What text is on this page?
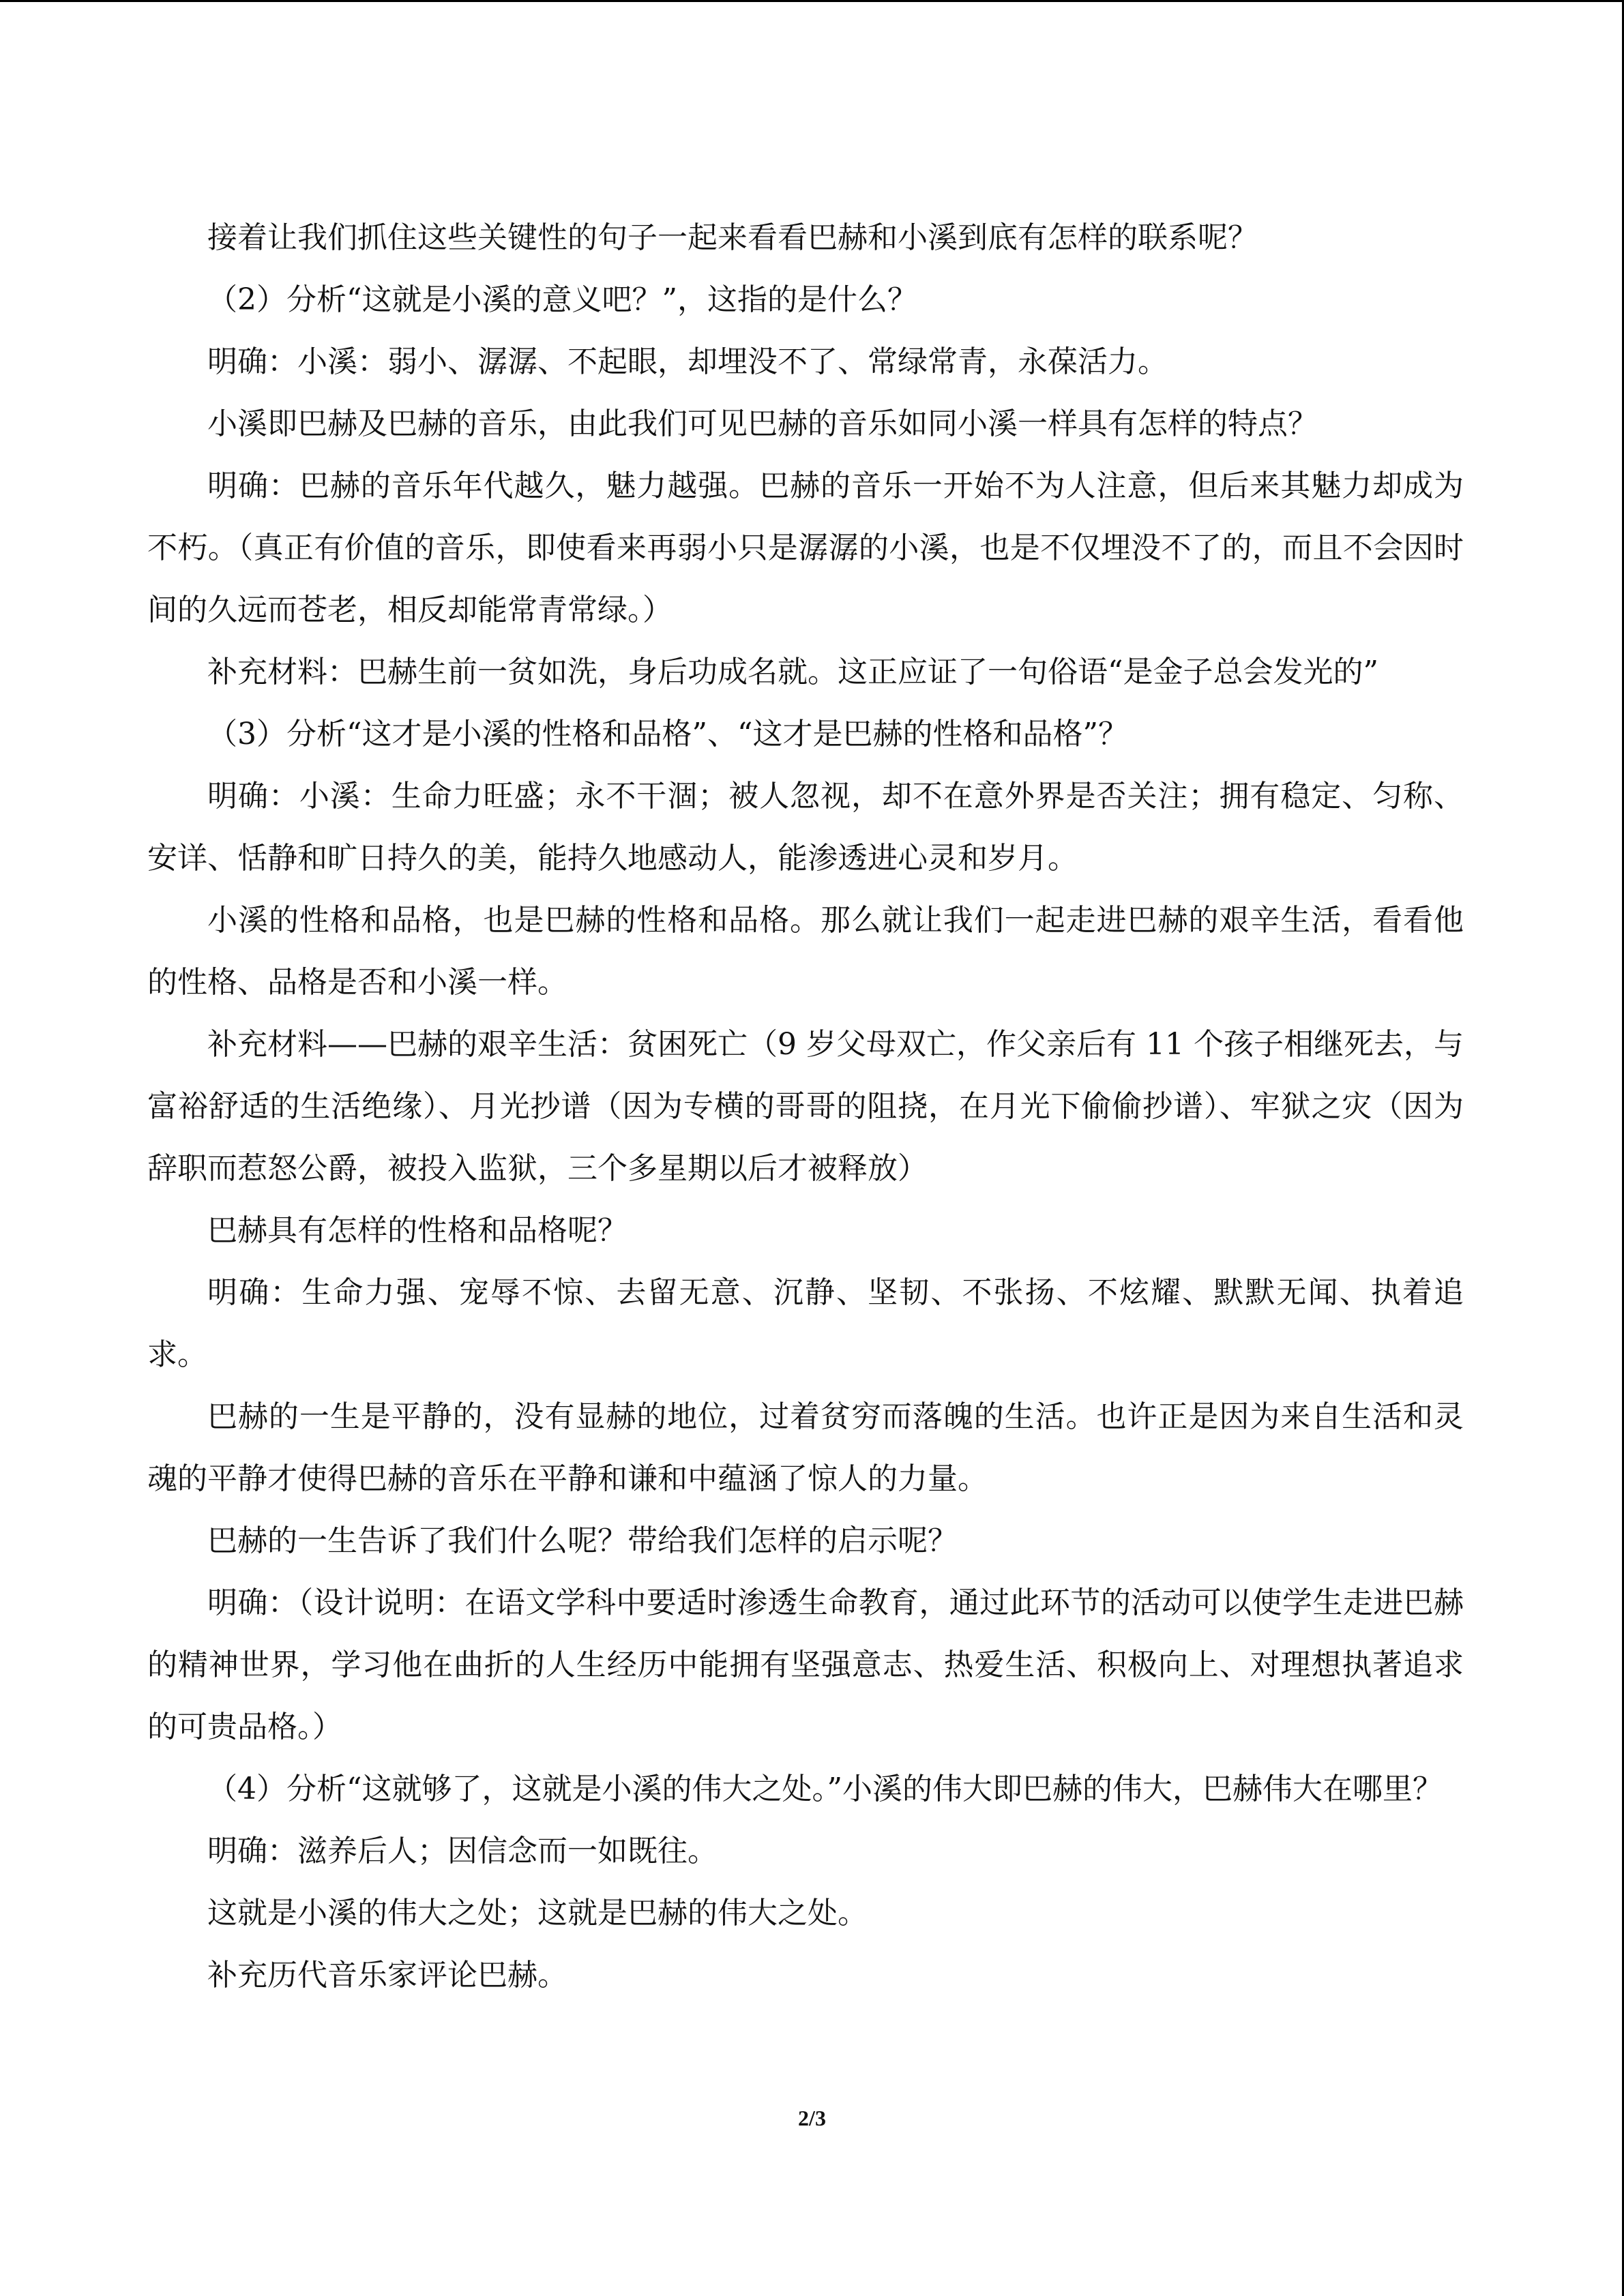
接着让我们抓住这些关键性的句子一起来看看巴赫和小溪到底有怎样的联系呢？

（2）分析“这就是小溪的意义吧？”，这指的是什么？

明确：小溪：弱小、潺潺、不起眼，却埋没不了、常绿常青，永葆活力。

小溪即巴赫及巴赫的音乐，由此我们可见巴赫的音乐如同小溪一样具有怎样的特点？

明确：巴赫的音乐年代越久，魅力越强。巴赫的音乐一开始不为人注意，但后来其魅力却成为不朽。（真正有价值的音乐，即使看来再弱小只是潺潺的小溪，也是不仅埋没不了的，而且不会因时间的久远而苍老，相反却能常青常绿。）

补充材料：巴赫生前一贫如洗，身后功成名就。这正应证了一句俗语“是金子总会发光的”

（3）分析“这才是小溪的性格和品格”、“这才是巴赫的性格和品格”？

明确：小溪：生命力旺盛；永不干涸；被人忽视，却不在意外界是否关注；拥有稳定、匀称、安详、恬静和旷日持久的美，能持久地感动人，能渗透进心灵和岁月。

小溪的性格和品格，也是巴赫的性格和品格。那么就让我们一起走进巴赫的艰辛生活，看看他的性格、品格是否和小溪一样。

补充材料——巴赫的艰辛生活：贫困死亡（9 岁父母双亡，作父亲后有 11 个孩子相继死去，与富裕舒适的生活绝缘）、月光抄谱（因为专横的哥哥的阻挠，在月光下偷偷抄谱）、牢狱之灾（因为辞职而惹怒公爵，被投入监狱，三个多星期以后才被释放）

巴赫具有怎样的性格和品格呢？

明确：生命力强、宠辱不惊、去留无意、沉静、坚韧、不张扬、不炫耀、默默无闻、执着追求。

巴赫的一生是平静的，没有显赫的地位，过着贫穷而落魄的生活。也许正是因为来自生活和灵魂的平静才使得巴赫的音乐在平静和谦和中蕴涵了惊人的力量。

巴赫的一生告诉了我们什么呢？带给我们怎样的启示呢？

明确：（设计说明：在语文学科中要适时渗透生命教育，通过此环节的活动可以使学生走进巴赫的精神世界，学习他在曲折的人生经历中能拥有坚强意志、热爱生活、积极向上、对理想执著追求的可贵品格。）

（4）分析“这就够了，这就是小溪的伟大之处。”小溪的伟大即巴赫的伟大，巴赫伟大在哪里？

明确：滋养后人；因信念而一如既往。

这就是小溪的伟大之处；这就是巴赫的伟大之处。

补充历代音乐家评论巴赫。

2/3
